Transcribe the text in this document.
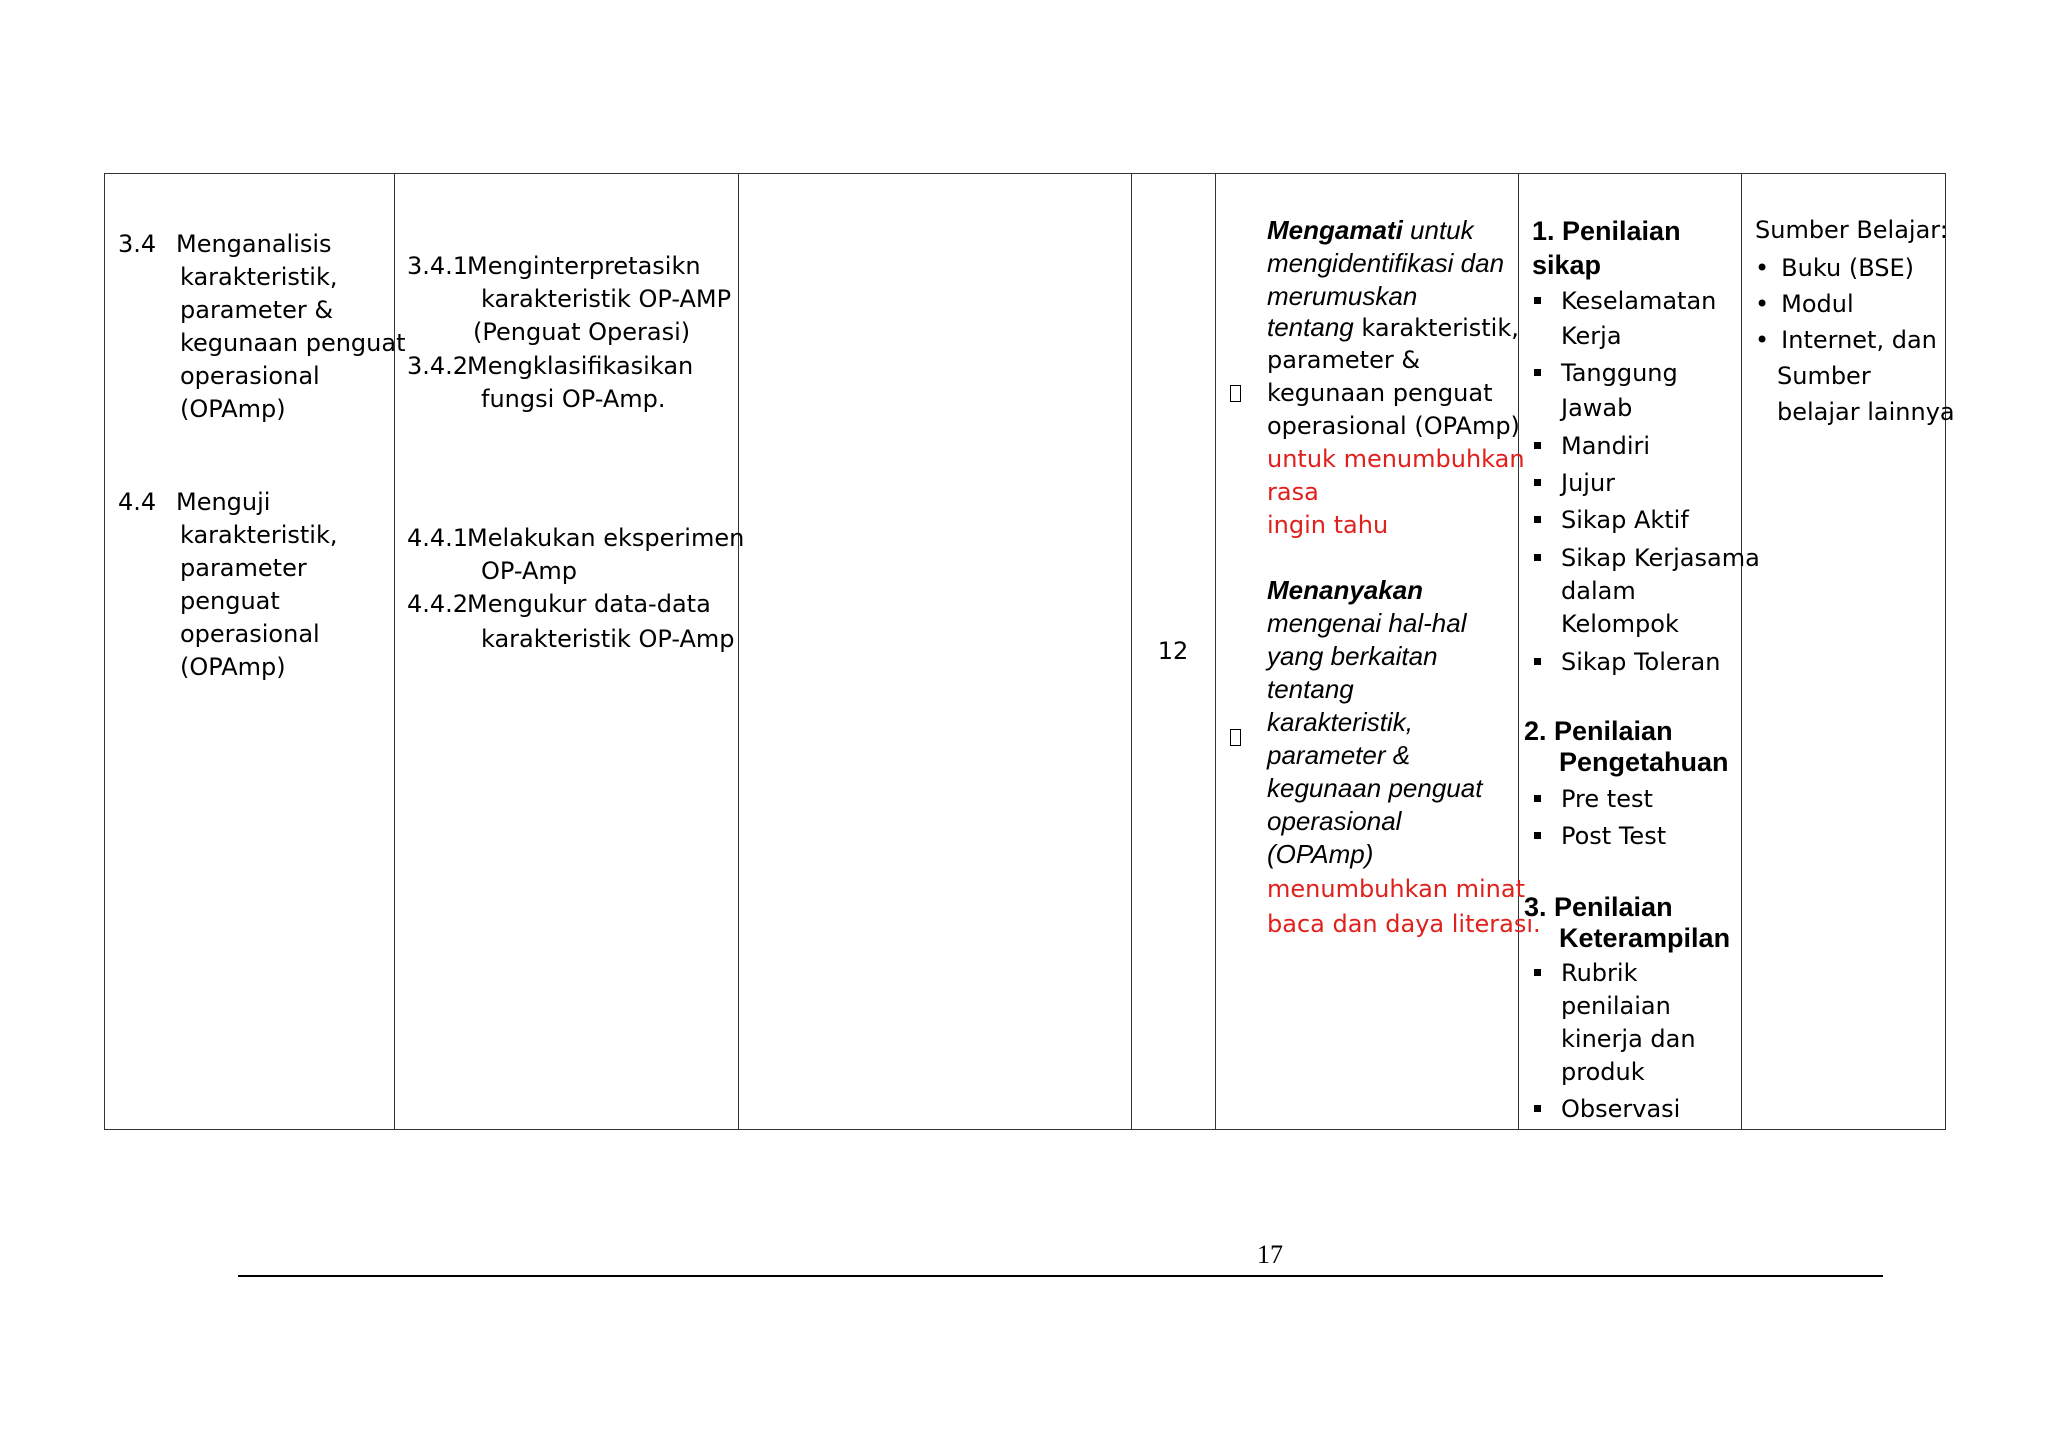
3.4 Menganalisis
karakteristik,
parameter &
kegunaan penguat
operasional
(OPAmp)
4.4 Menguji
karakteristik,
parameter
penguat
operasional
(OPAmp)
3.4.1
Menginterpretasikn
karakteristik OP-AMP
(Penguat Operasi)
3.4.2
Mengklasifikasikan
fungsi OP-Amp.
4.4.1
Melakukan eksperimen
OP-Amp
4.4.2
Mengukur data-data
karakteristik OP-Amp	12
Mengamati untuk
mengidentifikasi dan
merumuskan
tentang karakteristik,
parameter &
kegunaan penguat
operasional (OPAmp)
untuk menumbuhkan
rasa
ingin tahu
Menanyakan
mengenai hal-hal
yang berkaitan
tentang
karakteristik,
parameter &
kegunaan penguat
operasional
(OPAmp)
menumbuhkan minat
baca dan daya literasi.
1. Penilaian
sikap
Keselamatan
Kerja
Tanggung
Jawab
Mandiri
Jujur
Sikap Aktif
Sikap Kerjasama
dalam
Kelompok
Sikap Toleran
2. Penilaian
Pengetahuan
Pre test
Post Test
3. Penilaian
Keterampilan
Rubrik
penilaian
kinerja dan
produk
Observasi
Sumber Belajar:
• Buku (BSE)
• Modul
• Internet, dan
Sumber
belajar lainnya
17
